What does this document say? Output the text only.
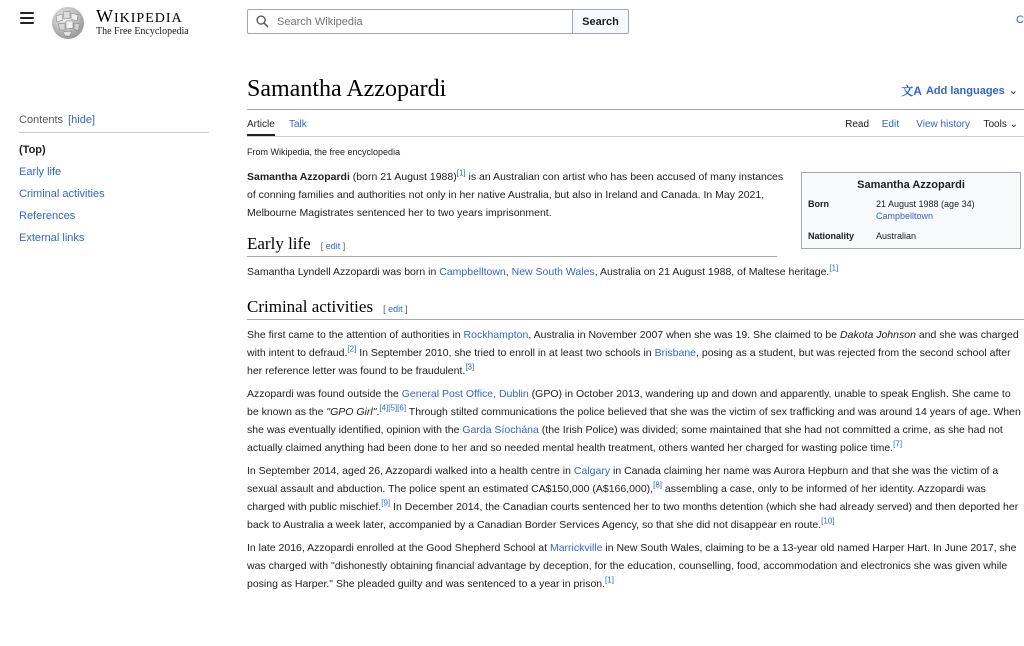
WIKIPEDIA
The Free Encyclopedia
Search Wikipedia
Search	C
Contents [hide]
(Top)
Early life
Criminal activities
References
External links
Samantha Azzopardi	文A Add languages ⌄
Article Talk	Read Edit View history Tools ⌄
From Wikipedia, the free encyclopedia
Samantha Azzopardi
Born	21 August 1988 (age 34)
Campbelltown
Nationality	Australian

Samantha Azzopardi (born 21 August 1988)[1] is an Australian con artist who has been accused of many instances of conning families and authorities not only in her native Australia, but also in Ireland and Canada. In May 2021, Melbourne Magistrates sentenced her to two years imprisonment.

Early life [ edit ]

Samantha Lyndell Azzopardi was born in Campbelltown, New South Wales, Australia on 21 August 1988, of Maltese heritage.[1]

Criminal activities [ edit ]

She first came to the attention of authorities in Rockhampton, Australia in November 2007 when she was 19. She claimed to be Dakota Johnson and she was charged with intent to defraud.[2] In September 2010, she tried to enroll in at least two schools in Brisbane, posing as a student, but was rejected from the second school after her reference letter was found to be fraudulent.[3]

Azzopardi was found outside the General Post Office, Dublin (GPO) in October 2013, wandering up and down and apparently, unable to speak English. She came to be known as the "GPO Girl".[4][5][6] Through stilted communications the police believed that she was the victim of sex trafficking and was around 14 years of age. When she was eventually identified, opinion with the Garda Síochána (the Irish Police) was divided; some maintained that she had not committed a crime, as she had not actually claimed anything had been done to her and so needed mental health treatment, others wanted her charged for wasting police time.[7]

In September 2014, aged 26, Azzopardi walked into a health centre in Calgary in Canada claiming her name was Aurora Hepburn and that she was the victim of a sexual assault and abduction. The police spent an estimated CA$150,000 (A$166,000),[8] assembling a case, only to be informed of her identity. Azzopardi was charged with public mischief.[9] In December 2014, the Canadian courts sentenced her to two months detention (which she had already served) and then deported her back to Australia a week later, accompanied by a Canadian Border Services Agency, so that she did not disappear en route.[10]

In late 2016, Azzopardi enrolled at the Good Shepherd School at Marrickville in New South Wales, claiming to be a 13-year old named Harper Hart. In June 2017, she was charged with "dishonestly obtaining financial advantage by deception, for the education, counselling, food, accommodation and electronics she was given while posing as Harper." She pleaded guilty and was sentenced to a year in prison.[1]
